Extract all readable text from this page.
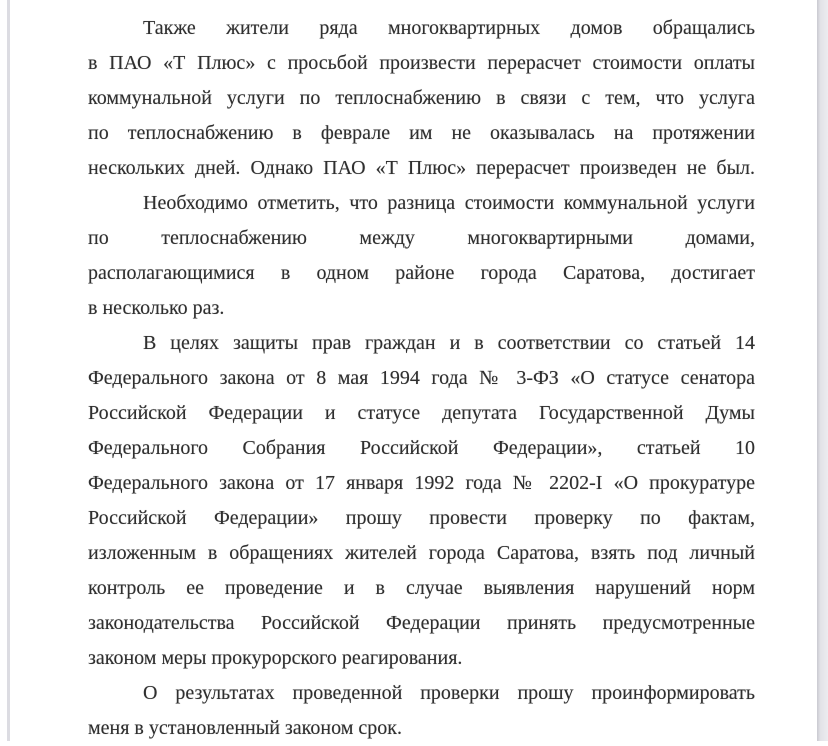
Также жители ряда многоквартирных домов обращались
в ПАО «Т Плюс» с просьбой произвести перерасчет стоимости оплаты
коммунальной услуги по теплоснабжению в связи с тем, что услуга
по теплоснабжению в феврале им не оказывалась на протяжении
нескольких дней. Однако ПАО «Т Плюс» перерасчет произведен не был.
Необходимо отметить, что разница стоимости коммунальной услуги
по теплоснабжению между многоквартирными домами,
располагающимися в одном районе города Саратова, достигает
в несколько раз.
В целях защиты прав граждан и в соответствии со статьей 14
Федерального закона от 8 мая 1994 года № 3-ФЗ «О статусе сенатора
Российской Федерации и статусе депутата Государственной Думы
Федерального Собрания Российской Федерации», статьей 10
Федерального закона от 17 января 1992 года № 2202-I «О прокуратуре
Российской Федерации» прошу провести проверку по фактам,
изложенным в обращениях жителей города Саратова, взять под личный
контроль ее проведение и в случае выявления нарушений норм
законодательства Российской Федерации принять предусмотренные
законом меры прокурорского реагирования.
О результатах проведенной проверки прошу проинформировать
меня в установленный законом срок.
